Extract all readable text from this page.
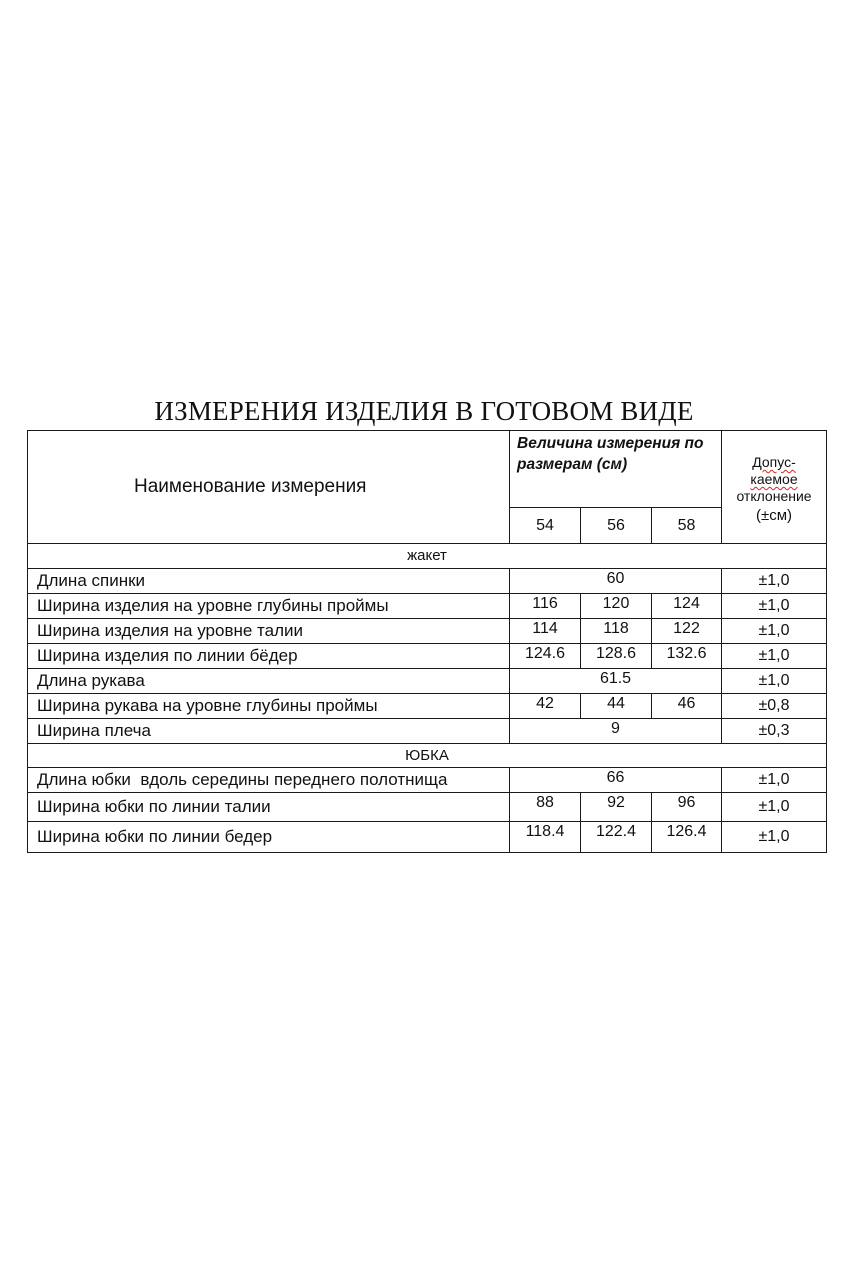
ИЗМЕРЕНИЯ ИЗДЕЛИЯ В ГОТОВОМ ВИДЕ
Наименование измерения	Величина измерения по размерам (см)			Допус-
каемое
отклонение
(±см)

	54	56	58	
жакет				
Длина спинки	60			±1,0
Ширина изделия на уровне глубины проймы	116	120	124	±1,0
Ширина изделия на уровне талии	114	118	122	±1,0
Ширина изделия по линии бёдер	124.6	128.6	132.6	±1,0
Длина рукава	61.5			±1,0
Ширина рукава на уровне глубины проймы	42	44	46	±0,8
Ширина плеча	9			±0,3
ЮБКА				
Длина юбки  вдоль середины переднего полотнища	66			±1,0
Ширина юбки по линии талии	88	92	96	±1,0
Ширина юбки по линии бедер	118.4	122.4	126.4	±1,0
